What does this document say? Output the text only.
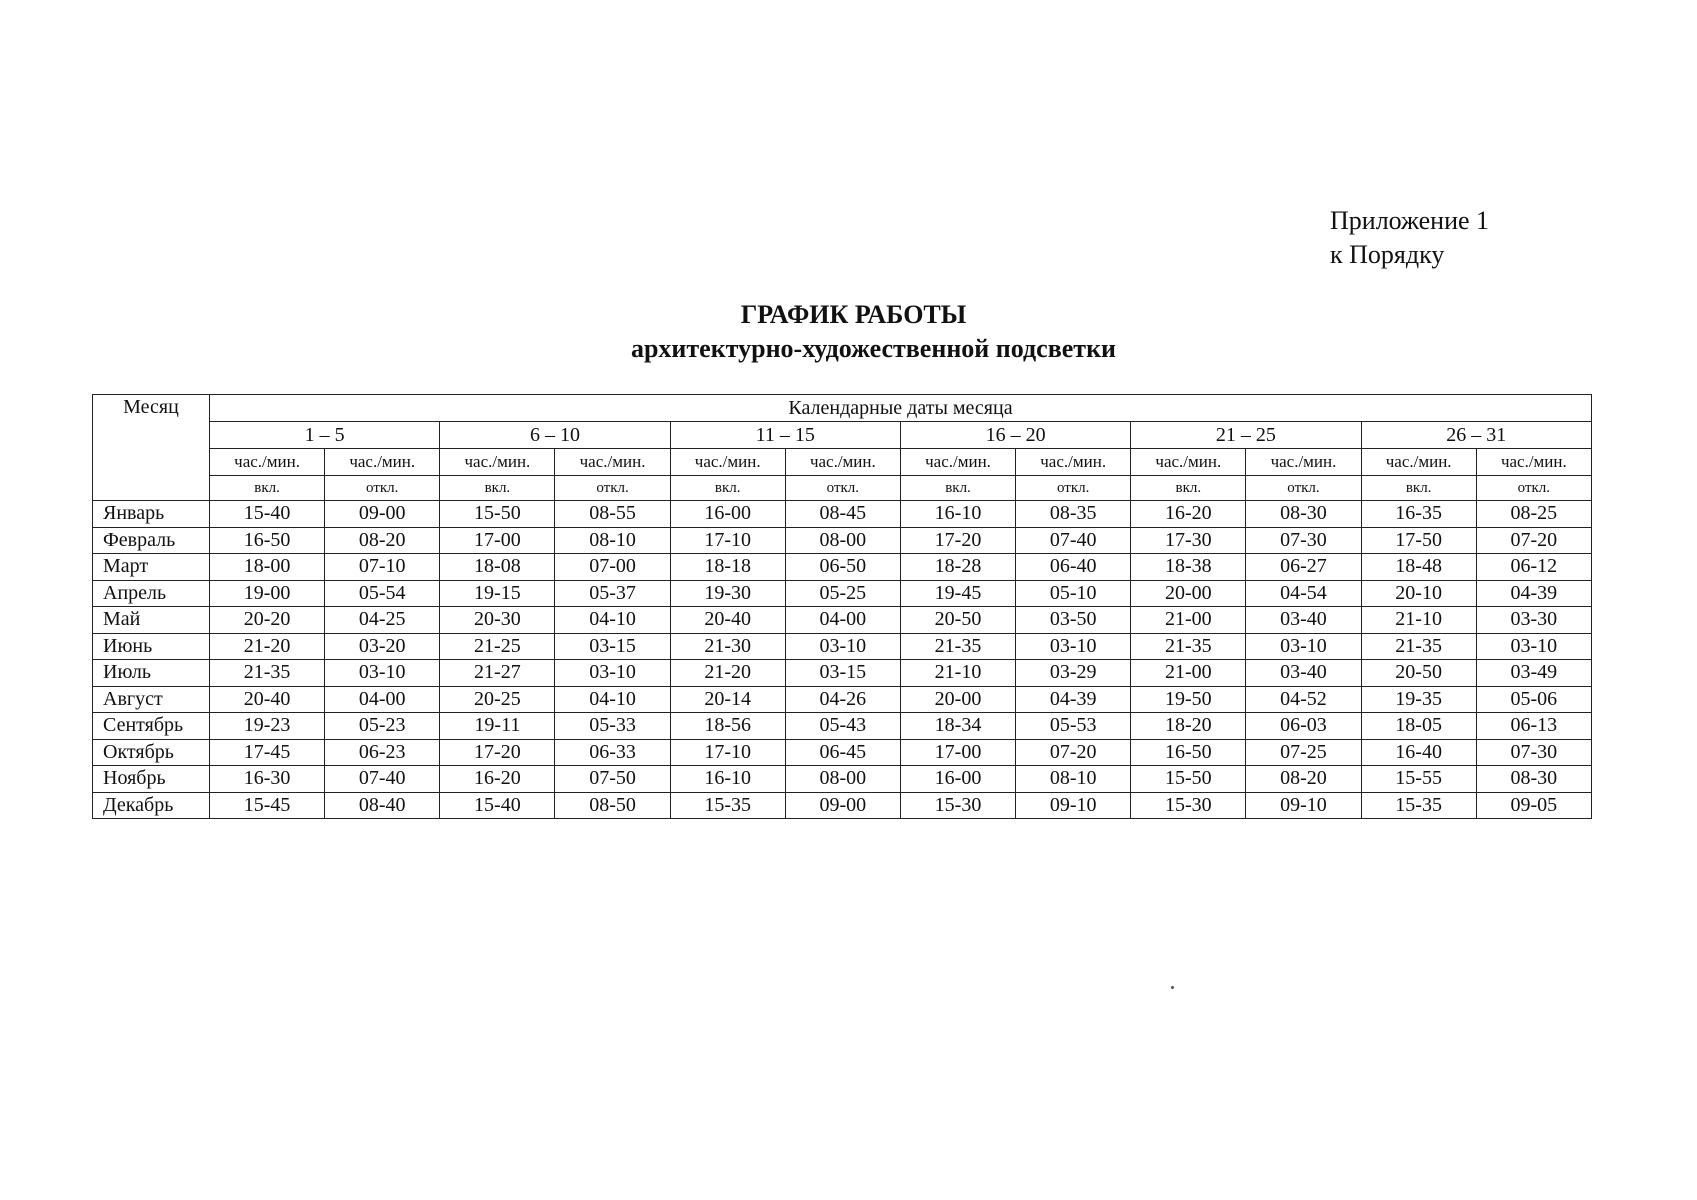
Приложение 1
к Порядку
ГРАФИК РАБОТЫ
архитектурно-художественной подсветки
Месяц	Календарные даты месяца											
	1 – 5		6 – 10		11 – 15		16 – 20		21 – 25		26 – 31	
	час./мин.	час./мин.	час./мин.	час./мин.	час./мин.	час./мин.	час./мин.	час./мин.	час./мин.	час./мин.	час./мин.	час./мин.
	вкл.	откл.	вкл.	откл.	вкл.	откл.	вкл.	откл.	вкл.	откл.	вкл.	откл.
Январь	15-40	09-00	15-50	08-55	16-00	08-45	16-10	08-35	16-20	08-30	16-35	08-25
Февраль	16-50	08-20	17-00	08-10	17-10	08-00	17-20	07-40	17-30	07-30	17-50	07-20
Март	18-00	07-10	18-08	07-00	18-18	06-50	18-28	06-40	18-38	06-27	18-48	06-12
Апрель	19-00	05-54	19-15	05-37	19-30	05-25	19-45	05-10	20-00	04-54	20-10	04-39
Май	20-20	04-25	20-30	04-10	20-40	04-00	20-50	03-50	21-00	03-40	21-10	03-30
Июнь	21-20	03-20	21-25	03-15	21-30	03-10	21-35	03-10	21-35	03-10	21-35	03-10
Июль	21-35	03-10	21-27	03-10	21-20	03-15	21-10	03-29	21-00	03-40	20-50	03-49
Август	20-40	04-00	20-25	04-10	20-14	04-26	20-00	04-39	19-50	04-52	19-35	05-06
Сентябрь	19-23	05-23	19-11	05-33	18-56	05-43	18-34	05-53	18-20	06-03	18-05	06-13
Октябрь	17-45	06-23	17-20	06-33	17-10	06-45	17-00	07-20	16-50	07-25	16-40	07-30
Ноябрь	16-30	07-40	16-20	07-50	16-10	08-00	16-00	08-10	15-50	08-20	15-55	08-30
Декабрь	15-45	08-40	15-40	08-50	15-35	09-00	15-30	09-10	15-30	09-10	15-35	09-05
